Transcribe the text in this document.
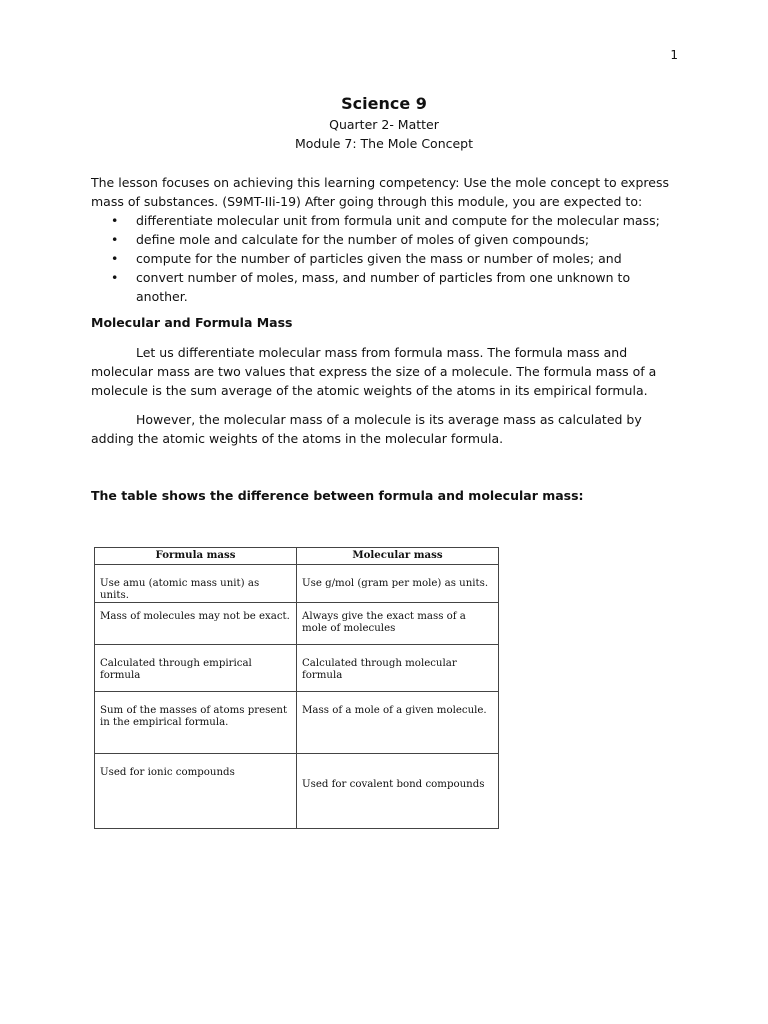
1
Science 9
Quarter 2- Matter
Module 7: The Mole Concept

The lesson focuses on achieving this learning competency: Use the mole concept to express mass of substances. (S9MT-IIi-19) After going through this module, you are expected to:

• differentiate molecular unit from formula unit and compute for the molecular mass;
• define mole and calculate for the number of moles of given compounds;
• compute for the number of particles given the mass or number of moles; and
• convert number of moles, mass, and number of particles from one unknown to another.
Molecular and Formula Mass

Let us differentiate molecular mass from formula mass. The formula mass and molecular mass are two values that express the size of a molecule. The formula mass of a molecule is the sum average of the atomic weights of the atoms in its empirical formula.

However, the molecular mass of a molecule is its average mass as calculated by adding the atomic weights of the atoms in the molecular formula.

The table shows the difference between formula and molecular mass:
Formula mass	Molecular mass
Use amu (atomic mass unit) as units.	Use g/mol (gram per mole) as units.
Mass of molecules may not be exact.	Always give the exact mass of a mole of molecules
Calculated through empirical formula	Calculated through molecular formula
Sum of the masses of atoms present in the empirical formula.	Mass of a mole of a given molecule.
Used for ionic compounds	Used for covalent bond compounds
